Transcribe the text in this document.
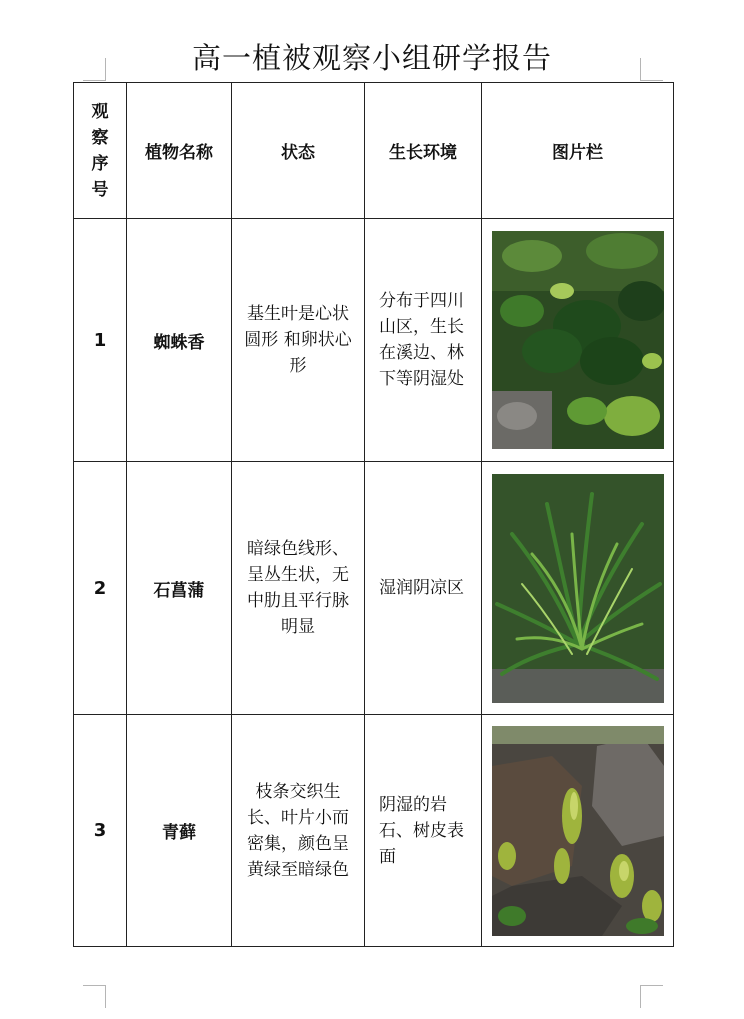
高一植被观察小组研学报告
观察序号	植物名称	状态	生长环境	图片栏
1	蜘蛛香	基生叶是心状圆形 和卵状心形	分布于四川山区，生长在溪边、林下等阴湿处	

2	石菖蒲	暗绿色线形、呈丛生状，无中肋且平行脉明显	湿润阴凉区	

3	青藓	枝条交织生长、叶片小而密集，颜色呈黄绿至暗绿色	阴湿的岩石、树皮表面	
